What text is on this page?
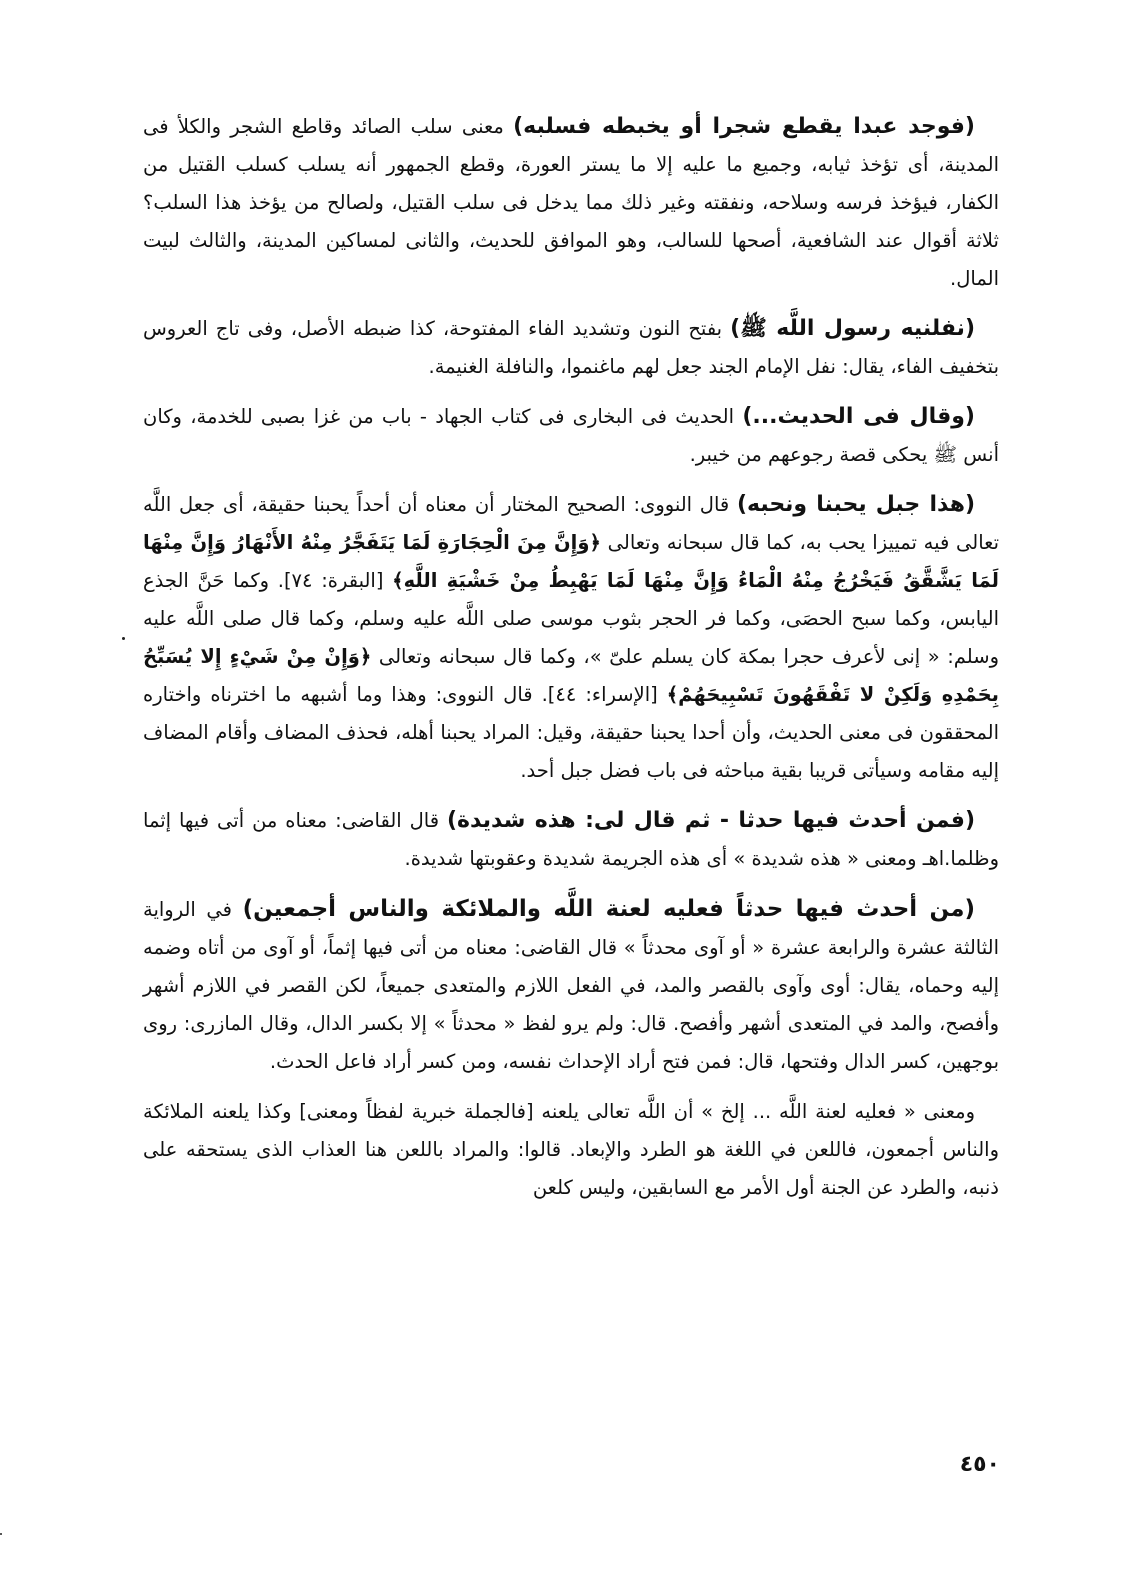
(فوجد عبدا يقطع شجرا أو يخبطه فسلبه) معنى سلب الصائد وقاطع الشجر والكلأ فى المدينة، أى تؤخذ ثيابه، وجميع ما عليه إلا ما يستر العورة، وقطع الجمهور أنه يسلب كسلب القتيل من الكفار، فيؤخذ فرسه وسلاحه، ونفقته وغير ذلك مما يدخل فى سلب القتيل، ولصالح من يؤخذ هذا السلب؟ ثلاثة أقوال عند الشافعية، أصحها للسالب، وهو الموافق للحديث، والثانى لمساكين المدينة، والثالث لبيت المال.

(نفلنيه رسول اللَّه ﷺ) بفتح النون وتشديد الفاء المفتوحة، كذا ضبطه الأصل، وفى تاج العروس بتخفيف الفاء، يقال: نفل الإمام الجند جعل لهم ماغنموا، والنافلة الغنيمة.

(وقال فى الحديث...) الحديث فى البخارى فى كتاب الجهاد - باب من غزا بصبى للخدمة، وكان أنس ﷺ يحكى قصة رجوعهم من خيبر.

(هذا جبل يحبنا ونحبه) قال النووى: الصحيح المختار أن معناه أن أحداً يحبنا حقيقة، أى جعل اللَّه تعالى فيه تمييزا يحب به، كما قال سبحانه وتعالى ﴿وَإِنَّ مِنَ الْحِجَارَةِ لَمَا يَتَفَجَّرُ مِنْهُ الأَنْهَارُ وَإِنَّ مِنْهَا لَمَا يَشَّقَّقُ فَيَخْرُجُ مِنْهُ الْمَاءُ وَإِنَّ مِنْهَا لَمَا يَهْبِطُ مِنْ خَشْيَةِ اللَّهِ﴾ [البقرة: ٧٤]. وكما حَنَّ الجذع اليابس، وكما سبح الحصَى، وكما فر الحجر بثوب موسى صلى اللَّه عليه وسلم، وكما قال صلى اللَّه عليه وسلم: « إنى لأعرف حجرا بمكة كان يسلم علىّ »، وكما قال سبحانه وتعالى ﴿وَإِنْ مِنْ شَيْءٍ إِلا يُسَبِّحُ بِحَمْدِهِ وَلَكِنْ لا تَفْقَهُونَ تَسْبِيحَهُمْ﴾ [الإسراء: ٤٤]. قال النووى: وهذا وما أشبهه ما اخترناه واختاره المحققون فى معنى الحديث، وأن أحدا يحبنا حقيقة، وقيل: المراد يحبنا أهله، فحذف المضاف وأقام المضاف إليه مقامه وسيأتى قريبا بقية مباحثه فى باب فضل جبل أحد.

(فمن أحدث فيها حدثا - ثم قال لى: هذه شديدة) قال القاضى: معناه من أتى فيها إثما وظلما.اهـ ومعنى « هذه شديدة » أى هذه الجريمة شديدة وعقوبتها شديدة.

(من أحدث فيها حدثاً فعليه لعنة اللَّه والملائكة والناس أجمعين) في الرواية الثالثة عشرة والرابعة عشرة « أو آوى محدثاً » قال القاضى: معناه من أتى فيها إثماً، أو آوى من أتاه وضمه إليه وحماه، يقال: أوى وآوى بالقصر والمد، في الفعل اللازم والمتعدى جميعاً، لكن القصر في اللازم أشهر وأفصح، والمد في المتعدى أشهر وأفصح. قال: ولم يرو لفظ « محدثاً » إلا بكسر الدال، وقال المازرى: روى بوجهين، كسر الدال وفتحها، قال: فمن فتح أراد الإحداث نفسه، ومن كسر أراد فاعل الحدث.

ومعنى « فعليه لعنة اللَّه ... إلخ » أن اللَّه تعالى يلعنه [فالجملة خبرية لفظاً ومعنى] وكذا يلعنه الملائكة والناس أجمعون، فاللعن في اللغة هو الطرد والإبعاد. قالوا: والمراد باللعن هنا العذاب الذى يستحقه على ذنبه، والطرد عن الجنة أول الأمر مع السابقين، وليس كلعن

٤٥٠
